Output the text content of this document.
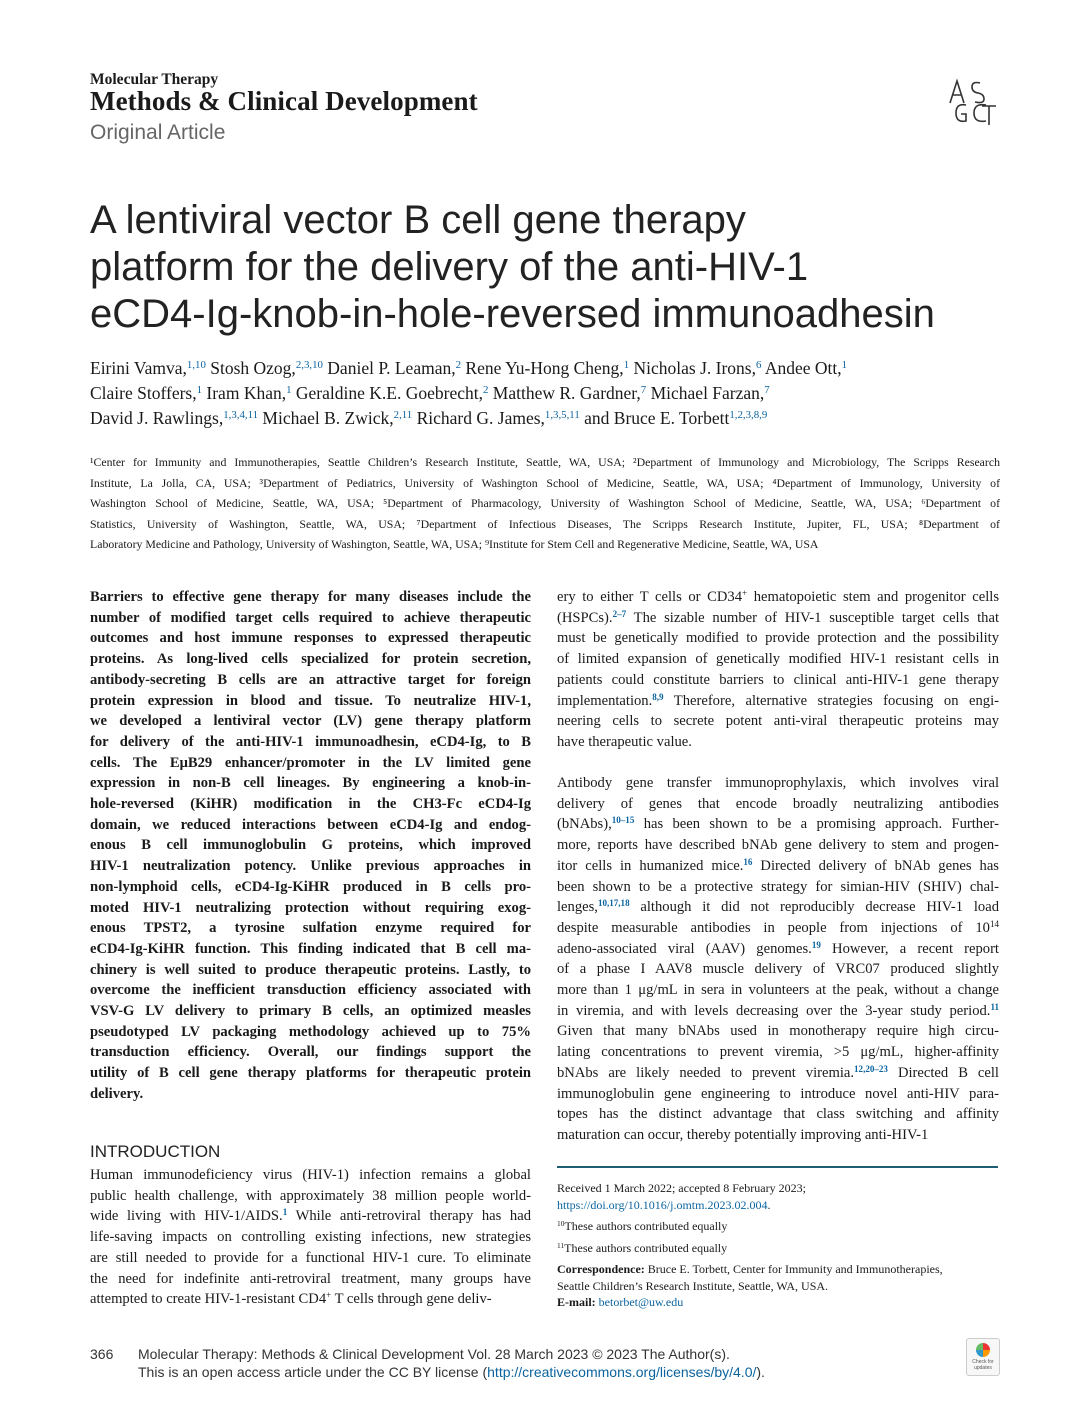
Molecular Therapy
Methods & Clinical Development
Original Article
A lentiviral vector B cell gene therapy
platform for the delivery of the anti-HIV-1
eCD4-Ig-knob-in-hole-reversed immunoadhesin
Eirini Vamva,$^{1,10}$ Stosh Ozog,$^{2,3,10}$ Daniel P. Leaman,$^2$ Rene Yu-Hong Cheng,$^1$ Nicholas J. Irons,$^6$ Andee Ott,$^1$
Claire Stoffers,$^1$ Iram Khan,$^1$ Geraldine K.E. Goebrecht,$^2$ Matthew R. Gardner,$^7$ Michael Farzan,$^7$
David J. Rawlings,$^{1,3,4,11}$ Michael B. Zwick,$^{2,11}$ Richard G. James,$^{1,3,5,11}$ and Bruce E. Torbett$^{1,2,3,8,9}$
¹Center for Immunity and Immunotherapies, Seattle Children’s Research Institute, Seattle, WA, USA; ²Department of Immunology and Microbiology, The Scripps Research
Institute, La Jolla, CA, USA; ³Department of Pediatrics, University of Washington School of Medicine, Seattle, WA, USA; ⁴Department of Immunology, University of
Washington School of Medicine, Seattle, WA, USA; ⁵Department of Pharmacology, University of Washington School of Medicine, Seattle, WA, USA; ⁶Department of
Statistics, University of Washington, Seattle, WA, USA; ⁷Department of Infectious Diseases, The Scripps Research Institute, Jupiter, FL, USA; ⁸Department of
Laboratory Medicine and Pathology, University of Washington, Seattle, WA, USA; ⁹Institute for Stem Cell and Regenerative Medicine, Seattle, WA, USA
Barriers to effective gene therapy for many diseases include the
number of modified target cells required to achieve therapeutic
outcomes and host immune responses to expressed therapeutic
proteins. As long-lived cells specialized for protein secretion,
antibody-secreting B cells are an attractive target for foreign
protein expression in blood and tissue. To neutralize HIV-1,
we developed a lentiviral vector (LV) gene therapy platform
for delivery of the anti-HIV-1 immunoadhesin, eCD4-Ig, to B
cells. The EμB29 enhancer/promoter in the LV limited gene
expression in non-B cell lineages. By engineering a knob-in-
hole-reversed (KiHR) modification in the CH3-Fc eCD4-Ig
domain, we reduced interactions between eCD4-Ig and endog-
enous B cell immunoglobulin G proteins, which improved
HIV-1 neutralization potency. Unlike previous approaches in
non-lymphoid cells, eCD4-Ig-KiHR produced in B cells pro-
moted HIV-1 neutralizing protection without requiring exog-
enous TPST2, a tyrosine sulfation enzyme required for
eCD4-Ig-KiHR function. This finding indicated that B cell ma-
chinery is well suited to produce therapeutic proteins. Lastly, to
overcome the inefficient transduction efficiency associated with
VSV-G LV delivery to primary B cells, an optimized measles
pseudotyped LV packaging methodology achieved up to 75%
transduction efficiency. Overall, our findings support the
utility of B cell gene therapy platforms for therapeutic protein
delivery.
INTRODUCTION
Human immunodeficiency virus (HIV-1) infection remains a global
public health challenge, with approximately 38 million people world-
wide living with HIV-1/AIDS.$^1$ While anti-retroviral therapy has had
life-saving impacts on controlling existing infections, new strategies
are still needed to provide for a functional HIV-1 cure. To eliminate
the need for indefinite anti-retroviral treatment, many groups have
attempted to create HIV-1-resistant CD4+ T cells through gene deliv-
ery to either T cells or CD34+ hematopoietic stem and progenitor cells
(HSPCs).$^{2-7}$ The sizable number of HIV-1 susceptible target cells that
must be genetically modified to provide protection and the possibility
of limited expansion of genetically modified HIV-1 resistant cells in
patients could constitute barriers to clinical anti-HIV-1 gene therapy
implementation.$^{8,9}$ Therefore, alternative strategies focusing on engi-
neering cells to secrete potent anti-viral therapeutic proteins may
have therapeutic value.
Antibody gene transfer immunoprophylaxis, which involves viral
delivery of genes that encode broadly neutralizing antibodies
(bNAbs),$^{10-15}$ has been shown to be a promising approach. Further-
more, reports have described bNAb gene delivery to stem and progen-
itor cells in humanized mice.$^{16}$ Directed delivery of bNAb genes has
been shown to be a protective strategy for simian-HIV (SHIV) chal-
lenges,$^{10,17,18}$ although it did not reproducibly decrease HIV-1 load
despite measurable antibodies in people from injections of $10^{14}$
adeno-associated viral (AAV) genomes.$^{19}$ However, a recent report
of a phase I AAV8 muscle delivery of VRC07 produced slightly
more than 1 μg/mL in sera in volunteers at the peak, without a change
in viremia, and with levels decreasing over the 3-year study period.$^{11}$
Given that many bNAbs used in monotherapy require high circu-
lating concentrations to prevent viremia, >5 μg/mL, higher-affinity
bNAbs are likely needed to prevent viremia.$^{12,20-23}$ Directed B cell
immunoglobulin gene engineering to introduce novel anti-HIV para-
topes has the distinct advantage that class switching and affinity
maturation can occur, thereby potentially improving anti-HIV-1
Received 1 March 2022; accepted 8 February 2023;
https://doi.org/10.1016/j.omtm.2023.02.004.
$^{10}$These authors contributed equally
$^{11}$These authors contributed equally
Correspondence: Bruce E. Torbett, Center for Immunity and Immunotherapies,
Seattle Children’s Research Institute, Seattle, WA, USA.
E-mail: betorbet@uw.edu
366 Molecular Therapy: Methods & Clinical Development Vol. 28 March 2023 © 2023 The Author(s).
This is an open access article under the CC BY license (http://creativecommons.org/licenses/by/4.0/).
Check for updates
